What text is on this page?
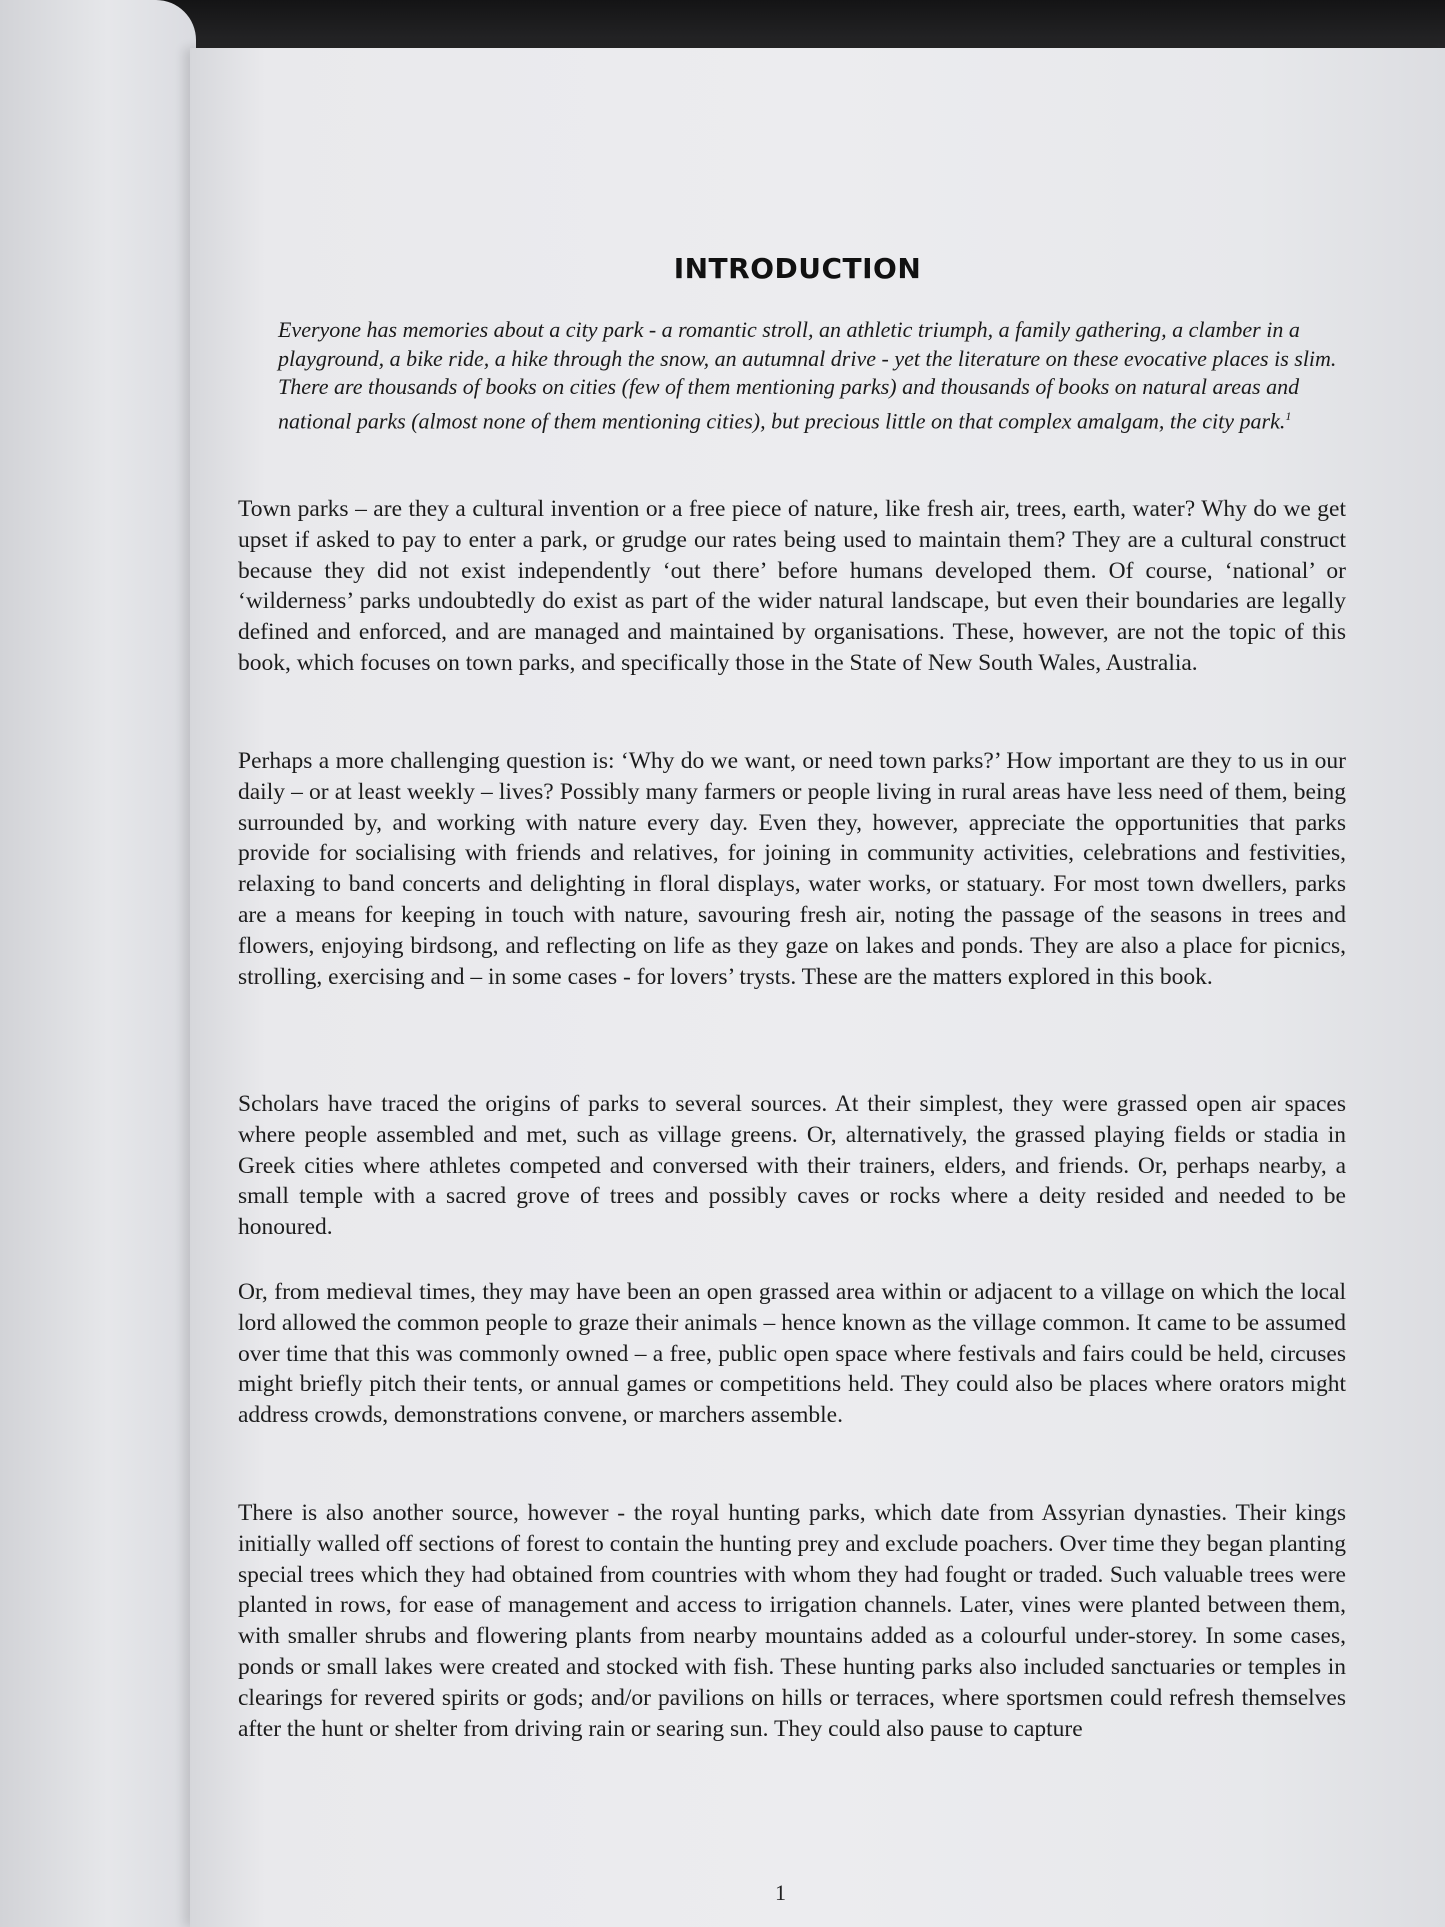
INTRODUCTION

Everyone has memories about a city park - a romantic stroll, an athletic triumph, a family gathering, a clamber in a playground, a bike ride, a hike through the snow, an autumnal drive - yet the literature on these evocative places is slim. There are thousands of books on cities (few of them mentioning parks) and thousands of books on natural areas and national parks (almost none of them mentioning cities), but precious little on that complex amalgam, the city park.$^1$

Town parks – are they a cultural invention or a free piece of nature, like fresh air, trees, earth, water? Why do we get upset if asked to pay to enter a park, or grudge our rates being used to maintain them? They are a cultural construct because they did not exist independently ‘out there’ before humans developed them. Of course, ‘national’ or ‘wilderness’ parks undoubtedly do exist as part of the wider natural landscape, but even their boundaries are legally defined and enforced, and are managed and maintained by organisations. These, however, are not the topic of this book, which focuses on town parks, and specifically those in the State of New South Wales, Australia.

Perhaps a more challenging question is: ‘Why do we want, or need town parks?’ How important are they to us in our daily – or at least weekly – lives? Possibly many farmers or people living in rural areas have less need of them, being surrounded by, and working with nature every day. Even they, however, appreciate the opportunities that parks provide for socialising with friends and relatives, for joining in community activities, celebrations and festivities, relaxing to band concerts and delighting in floral displays, water works, or statuary. For most town dwellers, parks are a means for keeping in touch with nature, savouring fresh air, noting the passage of the seasons in trees and flowers, enjoying birdsong, and reflecting on life as they gaze on lakes and ponds. They are also a place for picnics, strolling, exercising and – in some cases - for lovers’ trysts. These are the matters explored in this book.

Scholars have traced the origins of parks to several sources. At their simplest, they were grassed open air spaces where people assembled and met, such as village greens. Or, alternatively, the grassed playing fields or stadia in Greek cities where athletes competed and conversed with their trainers, elders, and friends. Or, perhaps nearby, a small temple with a sacred grove of trees and possibly caves or rocks where a deity resided and needed to be honoured.

Or, from medieval times, they may have been an open grassed area within or adjacent to a village on which the local lord allowed the common people to graze their animals – hence known as the village common. It came to be assumed over time that this was commonly owned – a free, public open space where festivals and fairs could be held, circuses might briefly pitch their tents, or annual games or competitions held. They could also be places where orators might address crowds, demonstrations convene, or marchers assemble.

There is also another source, however - the royal hunting parks, which date from Assyrian dynasties. Their kings initially walled off sections of forest to contain the hunting prey and exclude poachers. Over time they began planting special trees which they had obtained from countries with whom they had fought or traded. Such valuable trees were planted in rows, for ease of management and access to irrigation channels. Later, vines were planted between them, with smaller shrubs and flowering plants from nearby mountains added as a colourful under-storey. In some cases, ponds or small lakes were created and stocked with fish. These hunting parks also included sanctuaries or temples in clearings for revered spirits or gods; and/or pavilions on hills or terraces, where sportsmen could refresh themselves after the hunt or shelter from driving rain or searing sun. They could also pause to capture

1
